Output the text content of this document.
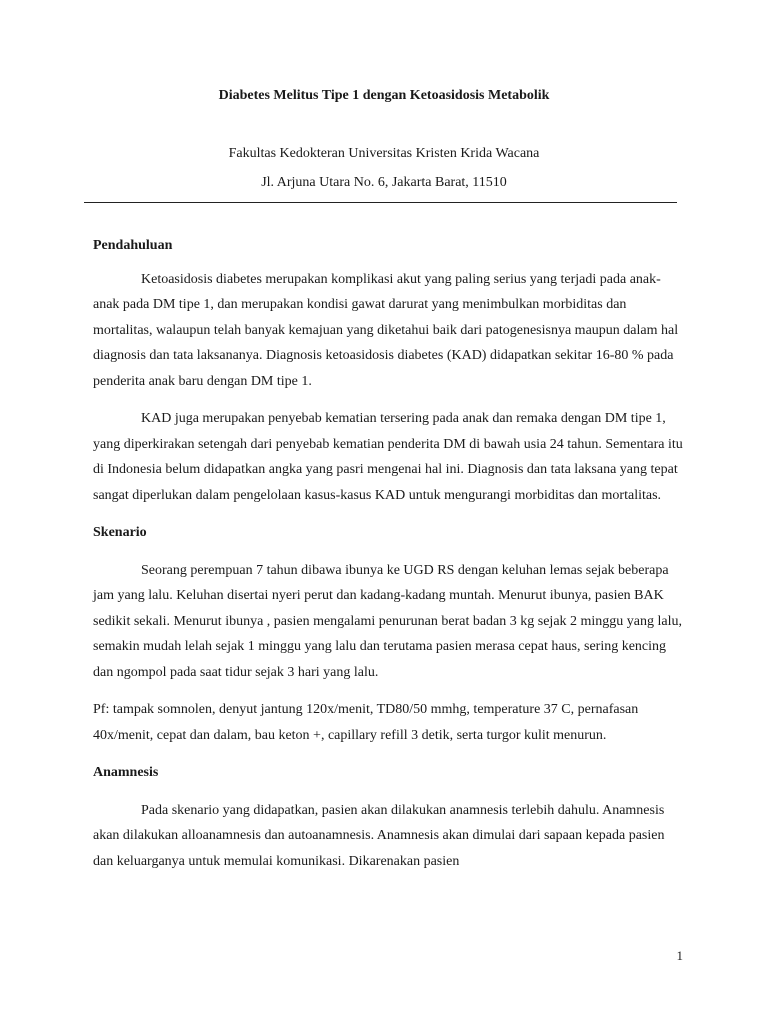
Diabetes Melitus Tipe 1 dengan Ketoasidosis Metabolik
Fakultas Kedokteran Universitas Kristen Krida Wacana
Jl. Arjuna Utara No. 6, Jakarta Barat, 11510

Pendahuluan

Ketoasidosis diabetes merupakan komplikasi akut yang paling serius yang terjadi pada anak-anak pada DM tipe 1, dan merupakan kondisi gawat darurat yang menimbulkan morbiditas dan mortalitas, walaupun telah banyak kemajuan yang diketahui baik dari patogenesisnya maupun dalam hal diagnosis dan tata laksananya. Diagnosis ketoasidosis diabetes (KAD) didapatkan sekitar 16-80 % pada penderita anak baru dengan DM tipe 1.

KAD juga merupakan penyebab kematian tersering pada anak dan remaka dengan DM tipe 1, yang diperkirakan setengah dari penyebab kematian penderita DM di bawah usia 24 tahun. Sementara itu di Indonesia belum didapatkan angka yang pasri mengenai hal ini. Diagnosis dan tata laksana yang tepat sangat diperlukan dalam pengelolaan kasus-kasus KAD untuk mengurangi morbiditas dan mortalitas.

Skenario

Seorang perempuan 7 tahun dibawa ibunya ke UGD RS dengan keluhan lemas sejak beberapa jam yang lalu. Keluhan disertai nyeri perut dan kadang-kadang muntah. Menurut ibunya, pasien BAK sedikit sekali. Menurut ibunya , pasien mengalami penurunan berat badan 3 kg sejak 2 minggu yang lalu, semakin mudah lelah sejak 1 minggu yang lalu dan terutama pasien merasa cepat haus, sering kencing dan ngompol pada saat tidur sejak 3 hari yang lalu.

Pf: tampak somnolen, denyut jantung 120x/menit, TD80/50 mmhg, temperature 37 C, pernafasan 40x/menit, cepat dan dalam, bau keton +, capillary refill 3 detik, serta turgor kulit menurun.

Anamnesis

Pada skenario yang didapatkan, pasien akan dilakukan anamnesis terlebih dahulu. Anamnesis akan dilakukan alloanamnesis dan autoanamnesis. Anamnesis akan dimulai dari sapaan kepada pasien dan keluarganya untuk memulai komunikasi. Dikarenakan pasien

1
